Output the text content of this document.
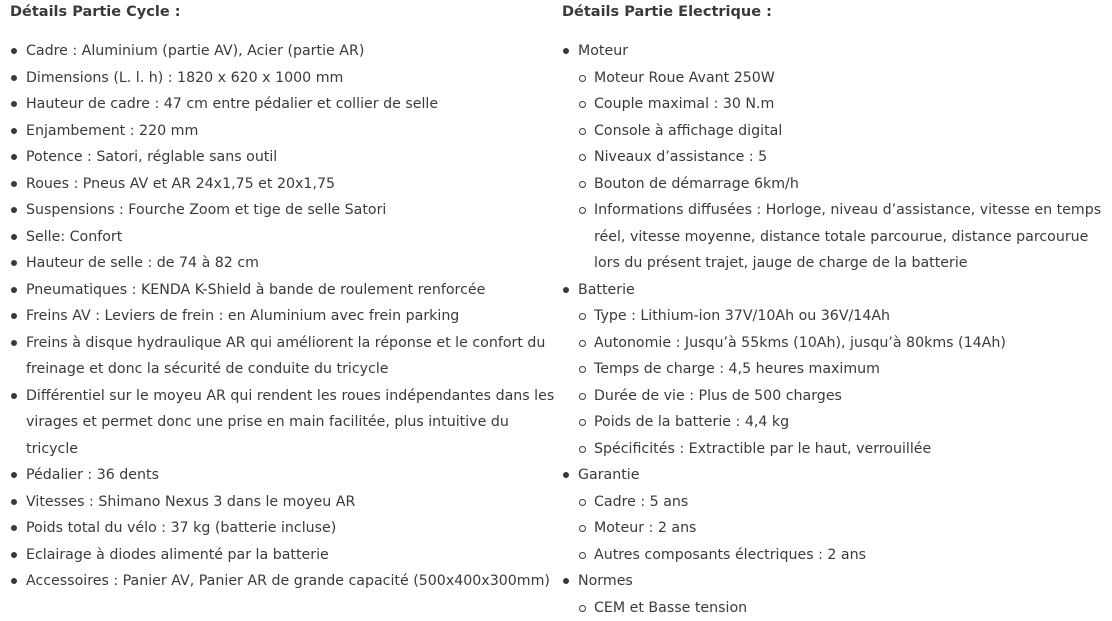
Détails Partie Cycle :
Cadre : Aluminium (partie AV), Acier (partie AR)
Dimensions (L. l. h) : 1820 x 620 x 1000 mm
Hauteur de cadre : 47 cm entre pédalier et collier de selle
Enjambement : 220 mm
Potence : Satori, réglable sans outil
Roues : Pneus AV et AR 24x1,75 et 20x1,75
Suspensions : Fourche Zoom et tige de selle Satori
Selle: Confort
Hauteur de selle : de 74 à 82 cm
Pneumatiques : KENDA K-Shield à bande de roulement renforcée
Freins AV : Leviers de frein : en Aluminium avec frein parking
Freins à disque hydraulique AR qui améliorent la réponse et le confort du freinage et donc la sécurité de conduite du tricycle
Différentiel sur le moyeu AR qui rendent les roues indépendantes dans les virages et permet donc une prise en main facilitée, plus intuitive du tricycle
Pédalier : 36 dents
Vitesses : Shimano Nexus 3 dans le moyeu AR
Poids total du vélo : 37 kg (batterie incluse)
Eclairage à diodes alimenté par la batterie
Accessoires : Panier AV, Panier AR de grande capacité (500x400x300mm)
Détails Partie Electrique :
Moteur
Moteur Roue Avant 250W
Couple maximal : 30 N.m
Console à affichage digital
Niveaux d’assistance : 5
Bouton de démarrage 6km/h
Informations diffusées : Horloge, niveau d’assistance, vitesse en temps réel, vitesse moyenne, distance totale parcourue, distance parcourue lors du présent trajet, jauge de charge de la batterie
Batterie
Type : Lithium-ion 37V/10Ah ou 36V/14Ah
Autonomie : Jusqu’à 55kms (10Ah), jusqu’à 80kms (14Ah)
Temps de charge : 4,5 heures maximum
Durée de vie : Plus de 500 charges
Poids de la batterie : 4,4 kg
Spécificités : Extractible par le haut, verrouillée
Garantie
Cadre : 5 ans
Moteur : 2 ans
Autres composants électriques : 2 ans
Normes
CEM et Basse tension
